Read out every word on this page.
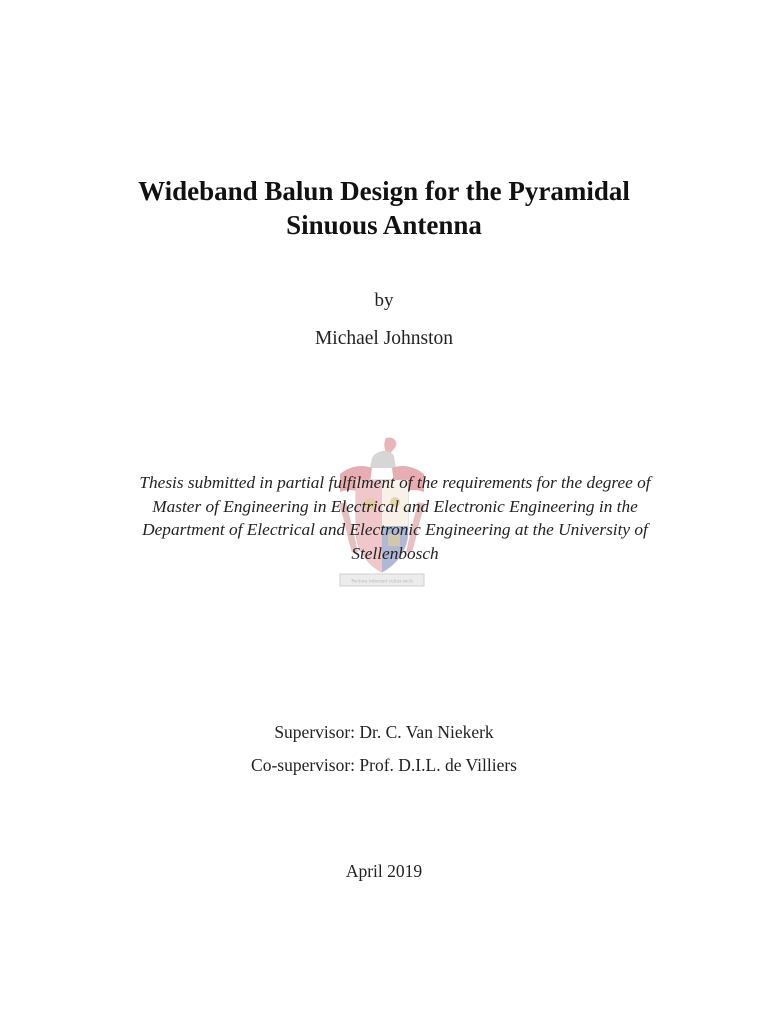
Wideband Balun Design for the Pyramidal
Sinuous Antenna
by
Michael Johnston
Pectora roborant cultus recti
Thesis submitted in partial fulfilment of the requirements for the degree of
Master of Engineering in Electrical and Electronic Engineering in the
Department of Electrical and Electronic Engineering at the University of
Stellenbosch
Supervisor: Dr. C. Van Niekerk
Co-supervisor: Prof. D.I.L. de Villiers
April 2019
